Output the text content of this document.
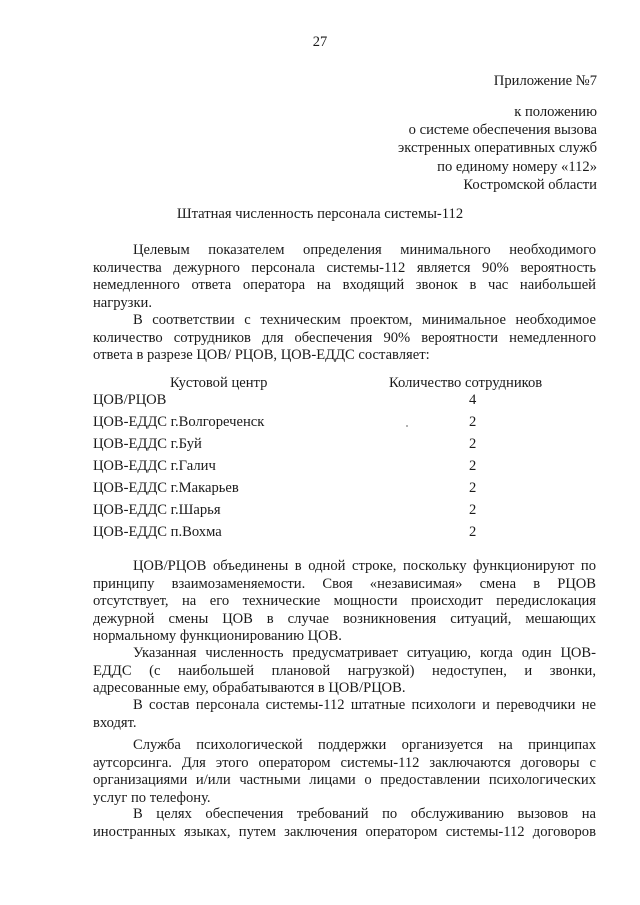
27
Приложение №7
к положению
о системе обеспечения вызова
экстренных оперативных служб
по единому номеру «112»
Костромской области
Штатная численность персонала системы-112
Целевым показателем определения минимального необходимого
количества дежурного персонала системы-112 является 90% вероятность
немедленного ответа оператора на входящий звонок в час наибольшей
нагрузки.
В соответствии с техническим проектом, минимальное необходимое
количество сотрудников для обеспечения 90% вероятности немедленного
ответа в разрезе ЦОВ/ РЦОВ, ЦОВ-ЕДДС составляет:
Кустовой центр	Количество сотрудников
ЦОВ/РЦОВ	4
ЦОВ-ЕДДС г.Волгореченск	2
ЦОВ-ЕДДС г.Буй	2
ЦОВ-ЕДДС г.Галич	2
ЦОВ-ЕДДС г.Макарьев	2
ЦОВ-ЕДДС г.Шарья	2
ЦОВ-ЕДДС п.Вохма	2
ЦОВ/РЦОВ объединены в одной строке, поскольку функционируют по
принципу взаимозаменяемости. Своя «независимая» смена в РЦОВ
отсутствует, на его технические мощности происходит передислокация
дежурной смены ЦОВ в случае возникновения ситуаций, мешающих
нормальному функционированию ЦОВ.
Указанная численность предусматривает ситуацию, когда один ЦОВ-
ЕДДС (с наибольшей плановой нагрузкой) недоступен, и звонки,
адресованные ему, обрабатываются в ЦОВ/РЦОВ.
В состав персонала системы-112 штатные психологи и переводчики не
входят.
Служба психологической поддержки организуется на принципах
аутсорсинга. Для этого оператором системы-112 заключаются договоры с
организациями и/или частными лицами о предоставлении психологических
услуг по телефону.
В целях обеспечения требований по обслуживанию вызовов на
иностранных языках, путем заключения оператором системы-112 договоров
